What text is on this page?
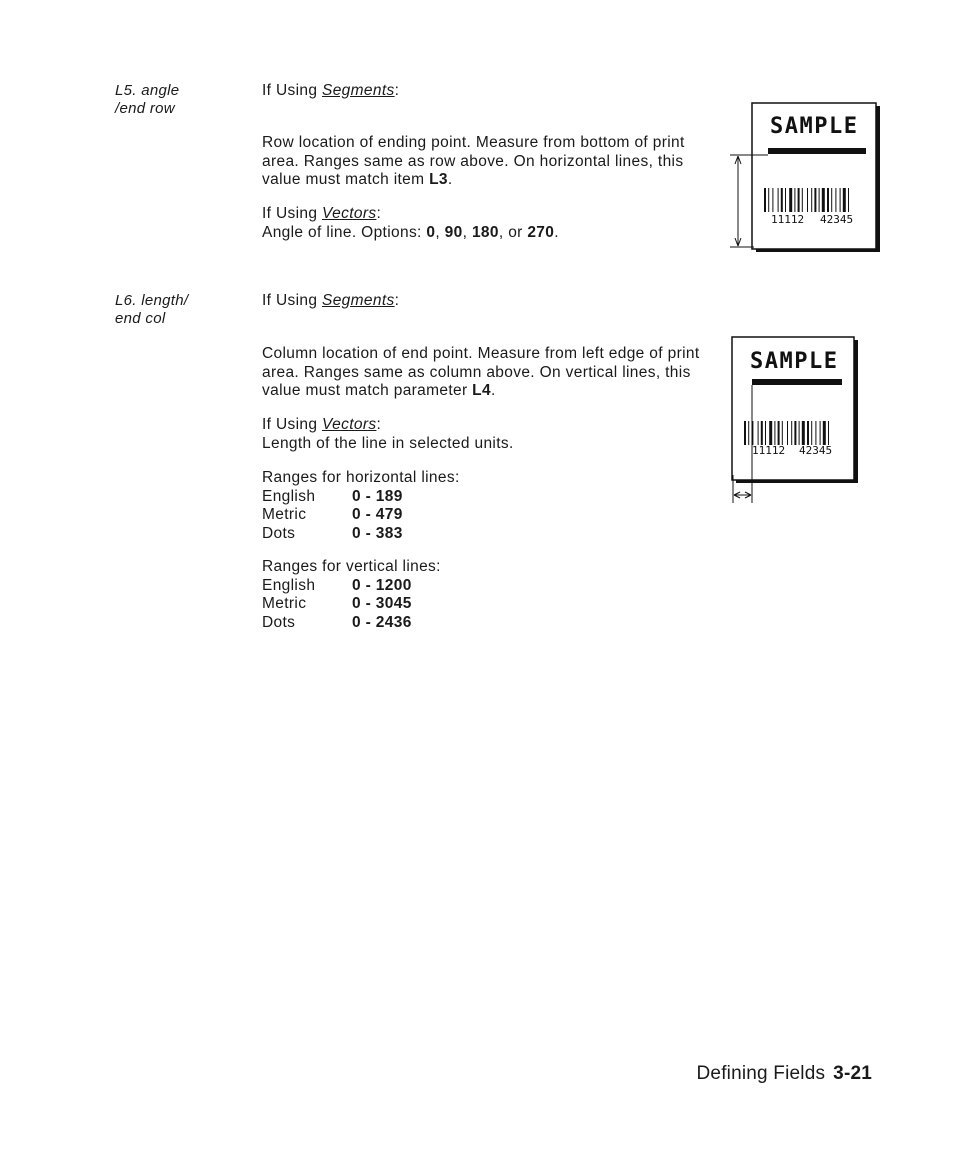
L5. angle
/end row
If Using Segments:
Row location of ending point. Measure from bottom of print area. Ranges same as row above. On horizontal lines, this value must match item L3.
If Using Vectors:
Angle of line. Options: 0, 90, 180, or 270.
SAMPLE
11112 42345
L6. length/
end col
If Using Segments:
Column location of end point. Measure from left edge of print area. Ranges same as column above. On vertical lines, this value must match parameter L4.
If Using Vectors:
Length of the line in selected units.
Ranges for horizontal lines:
English	0 - 189
Metric	0 - 479
Dots	0 - 383
Ranges for vertical lines:
English	0 - 1200
Metric	0 - 3045
Dots	0 - 2436
SAMPLE
11112 42345
Defining Fields 3-21
